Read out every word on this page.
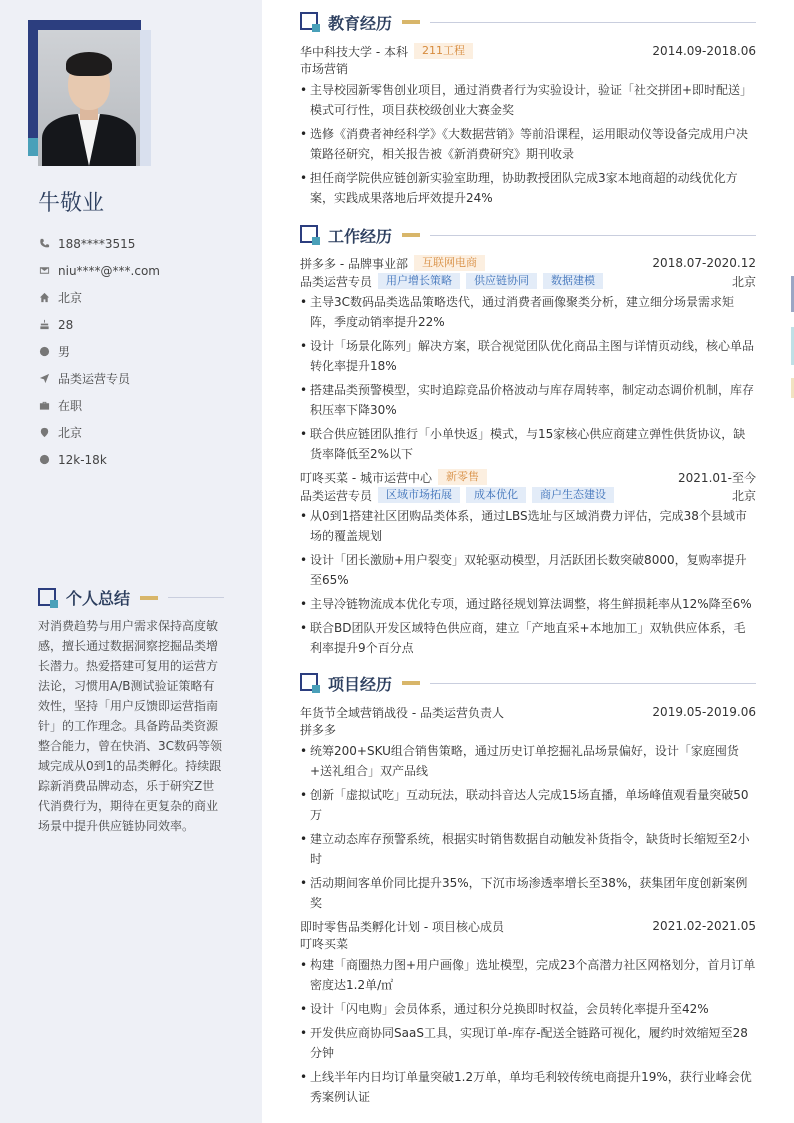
牛敬业
188****3515
niu****@***.com
北京
28
男
品类运营专员
在职
北京
12k-18k
个人总结
对消费趋势与用户需求保持高度敏感，擅长通过数据洞察挖掘品类增长潜力。热爱搭建可复用的运营方法论，习惯用A/B测试验证策略有效性，坚持「用户反馈即运营指南针」的工作理念。具备跨品类资源整合能力，曾在快消、3C数码等领域完成从0到1的品类孵化。持续跟踪新消费品牌动态，乐于研究Z世代消费行为，期待在更复杂的商业场景中提升供应链协同效率。
教育经历
华中科技大学 - 本科	211工程	2014.09-2018.06
市场营销
• 主导校园新零售创业项目，通过消费者行为实验设计，验证「社交拼团+即时配送」模式可行性，项目获校级创业大赛金奖
• 选修《消费者神经科学》《大数据营销》等前沿课程，运用眼动仪等设备完成用户决策路径研究，相关报告被《新消费研究》期刊收录
• 担任商学院供应链创新实验室助理，协助教授团队完成3家本地商超的动线优化方案，实践成果落地后坪效提升24%
工作经历
拼多多 - 品牌事业部	互联网电商	2018.07-2020.12
品类运营专员	用户增长策略	供应链协同	数据建模	北京
• 主导3C数码品类选品策略迭代，通过消费者画像聚类分析，建立细分场景需求矩阵，季度动销率提升22%
• 设计「场景化陈列」解决方案，联合视觉团队优化商品主图与详情页动线，核心单品转化率提升18%
• 搭建品类预警模型，实时追踪竞品价格波动与库存周转率，制定动态调价机制，库存积压率下降30%
• 联合供应链团队推行「小单快返」模式，与15家核心供应商建立弹性供货协议，缺货率降低至2%以下
叮咚买菜 - 城市运营中心	新零售	2021.01-至今
品类运营专员	区域市场拓展	成本优化	商户生态建设	北京
• 从0到1搭建社区团购品类体系，通过LBS选址与区域消费力评估，完成38个县域市场的覆盖规划
• 设计「团长激励+用户裂变」双轮驱动模型，月活跃团长数突破8000，复购率提升至65%
• 主导冷链物流成本优化专项，通过路径规划算法调整，将生鲜损耗率从12%降至6%
• 联合BD团队开发区域特色供应商，建立「产地直采+本地加工」双轨供应体系，毛利率提升9个百分点
项目经历
年货节全域营销战役 - 品类运营负责人	2019.05-2019.06
拼多多
• 统筹200+SKU组合销售策略，通过历史订单挖掘礼品场景偏好，设计「家庭囤货+送礼组合」双产品线
• 创新「虚拟试吃」互动玩法，联动抖音达人完成15场直播，单场峰值观看量突破50万
• 建立动态库存预警系统，根据实时销售数据自动触发补货指令，缺货时长缩短至2小时
• 活动期间客单价同比提升35%，下沉市场渗透率增长至38%，获集团年度创新案例奖
即时零售品类孵化计划 - 项目核心成员	2021.02-2021.05
叮咚买菜
• 构建「商圈热力图+用户画像」选址模型，完成23个高潜力社区网格划分，首月订单密度达1.2单/㎡
• 设计「闪电购」会员体系，通过积分兑换即时权益，会员转化率提升至42%
• 开发供应商协同SaaS工具，实现订单-库存-配送全链路可视化，履约时效缩短至28分钟
• 上线半年内日均订单量突破1.2万单，单均毛利较传统电商提升19%，获行业峰会优秀案例认证
